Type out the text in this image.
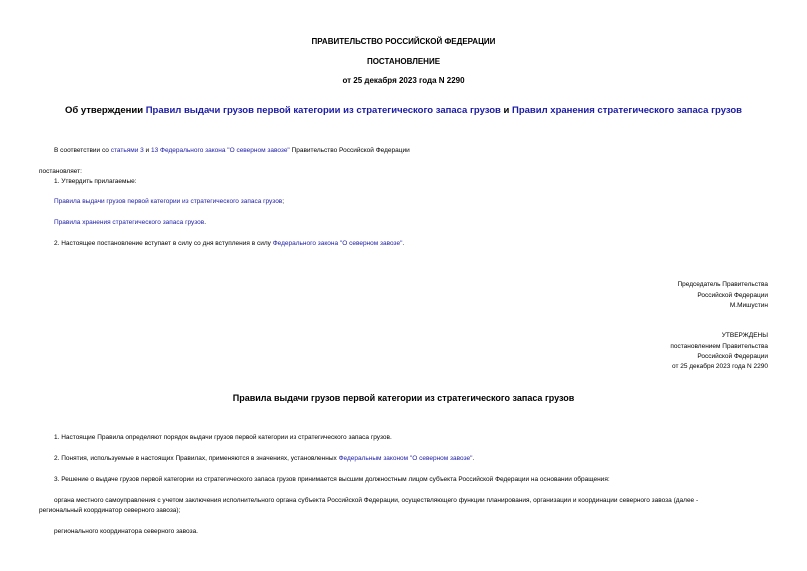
ПРАВИТЕЛЬСТВО РОССИЙСКОЙ ФЕДЕРАЦИИ
ПОСТАНОВЛЕНИЕ
от 25 декабря 2023 года N 2290
Об утверждении Правил выдачи грузов первой категории из стратегического запаса грузов и Правил хранения стратегического запаса грузов
В соответствии со статьями 3 и 13 Федерального закона "О северном завозе" Правительство Российской Федерации
постановляет:
1. Утвердить прилагаемые:
Правила выдачи грузов первой категории из стратегического запаса грузов;
Правила хранения стратегического запаса грузов.
2. Настоящее постановление вступает в силу со дня вступления в силу Федерального закона "О северном завозе".
Председатель Правительства
Российской Федерации
М.Мишустин
УТВЕРЖДЕНЫ
постановлением Правительства
Российской Федерации
от 25 декабря 2023 года N 2290
Правила выдачи грузов первой категории из стратегического запаса грузов
1. Настоящие Правила определяют порядок выдачи грузов первой категории из стратегического запаса грузов.
2. Понятия, используемые в настоящих Правилах, применяются в значениях, установленных Федеральным законом "О северном завозе".
3. Решение о выдаче грузов первой категории из стратегического запаса грузов принимается высшим должностным лицом субъекта Российской Федерации на основании обращения:
органа местного самоуправления с учетом заключения исполнительного органа субъекта Российской Федерации, осуществляющего функции планирования, организации и координации северного завоза (далее -
региональный координатор северного завоза);
регионального координатора северного завоза.
